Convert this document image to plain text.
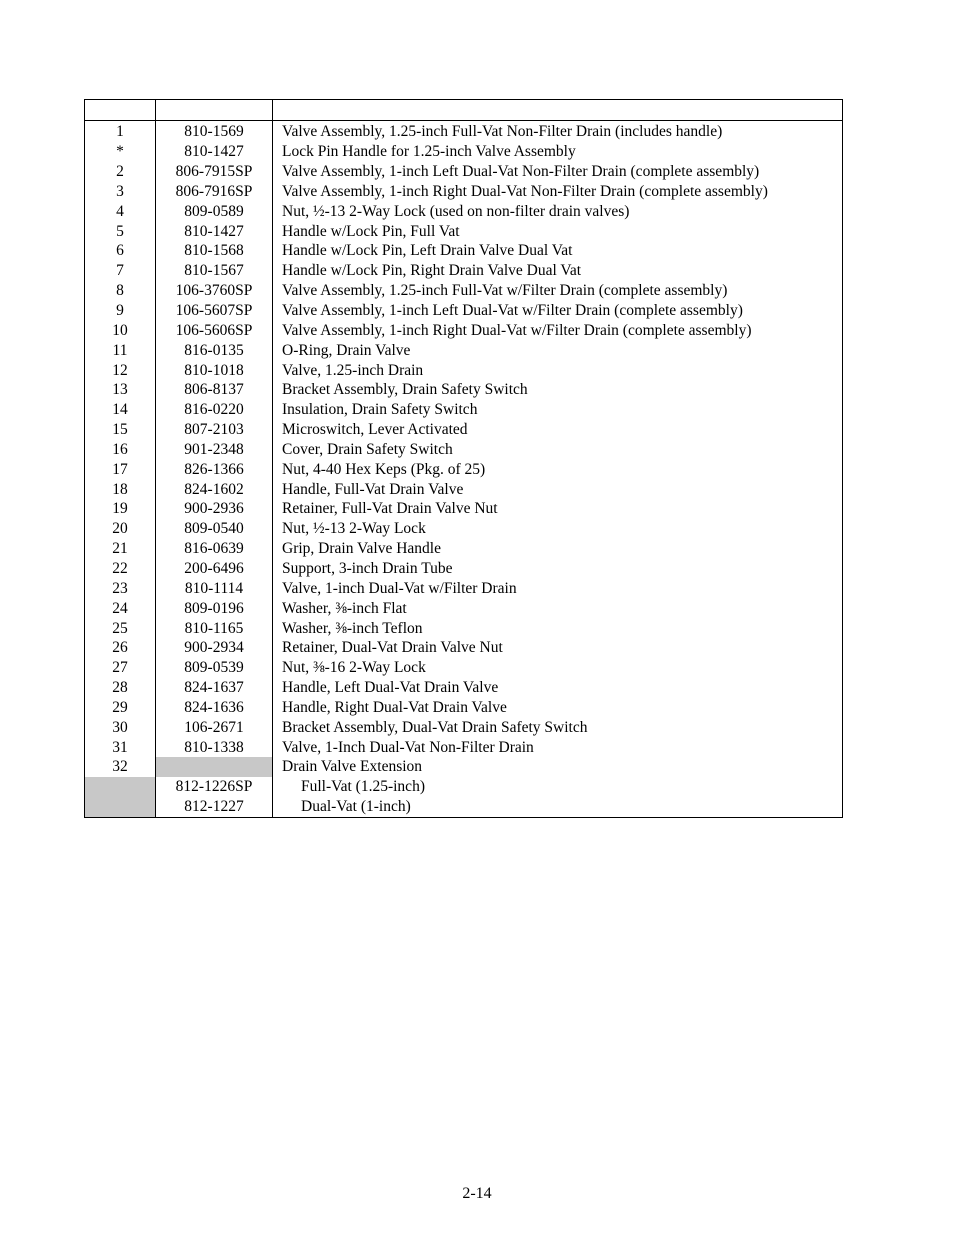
1	810-1569	Valve Assembly, 1.25-inch Full-Vat Non-Filter Drain (includes handle)
*	810-1427	Lock Pin Handle for 1.25-inch Valve Assembly
2	806-7915SP	Valve Assembly, 1-inch Left Dual-Vat Non-Filter Drain (complete assembly)
3	806-7916SP	Valve Assembly, 1-inch Right Dual-Vat Non-Filter Drain (complete assembly)
4	809-0589	Nut, ½-13 2-Way Lock (used on non-filter drain valves)
5	810-1427	Handle w/Lock Pin, Full Vat
6	810-1568	Handle w/Lock Pin, Left Drain Valve Dual Vat
7	810-1567	Handle w/Lock Pin, Right Drain Valve Dual Vat
8	106-3760SP	Valve Assembly, 1.25-inch Full-Vat w/Filter Drain (complete assembly)
9	106-5607SP	Valve Assembly, 1-inch Left Dual-Vat w/Filter Drain (complete assembly)
10	106-5606SP	Valve Assembly, 1-inch Right Dual-Vat w/Filter Drain (complete assembly)
11	816-0135	O-Ring, Drain Valve
12	810-1018	Valve, 1.25-inch Drain
13	806-8137	Bracket Assembly, Drain Safety Switch
14	816-0220	Insulation, Drain Safety Switch
15	807-2103	Microswitch, Lever Activated
16	901-2348	Cover, Drain Safety Switch
17	826-1366	Nut, 4-40 Hex Keps (Pkg. of 25)
18	824-1602	Handle, Full-Vat Drain Valve
19	900-2936	Retainer, Full-Vat Drain Valve Nut
20	809-0540	Nut, ½-13 2-Way Lock
21	816-0639	Grip, Drain Valve Handle
22	200-6496	Support, 3-inch Drain Tube
23	810-1114	Valve, 1-inch Dual-Vat w/Filter Drain
24	809-0196	Washer, ⅜-inch Flat
25	810-1165	Washer, ⅜-inch Teflon
26	900-2934	Retainer, Dual-Vat Drain Valve Nut
27	809-0539	Nut, ⅜-16 2-Way Lock
28	824-1637	Handle, Left Dual-Vat Drain Valve
29	824-1636	Handle, Right Dual-Vat Drain Valve
30	106-2671	Bracket Assembly, Dual-Vat Drain Safety Switch
31	810-1338	Valve, 1-Inch Dual-Vat Non-Filter Drain
32		Drain Valve Extension
	812-1226SP	Full-Vat (1.25-inch)
	812-1227	Dual-Vat (1-inch)
2-14
